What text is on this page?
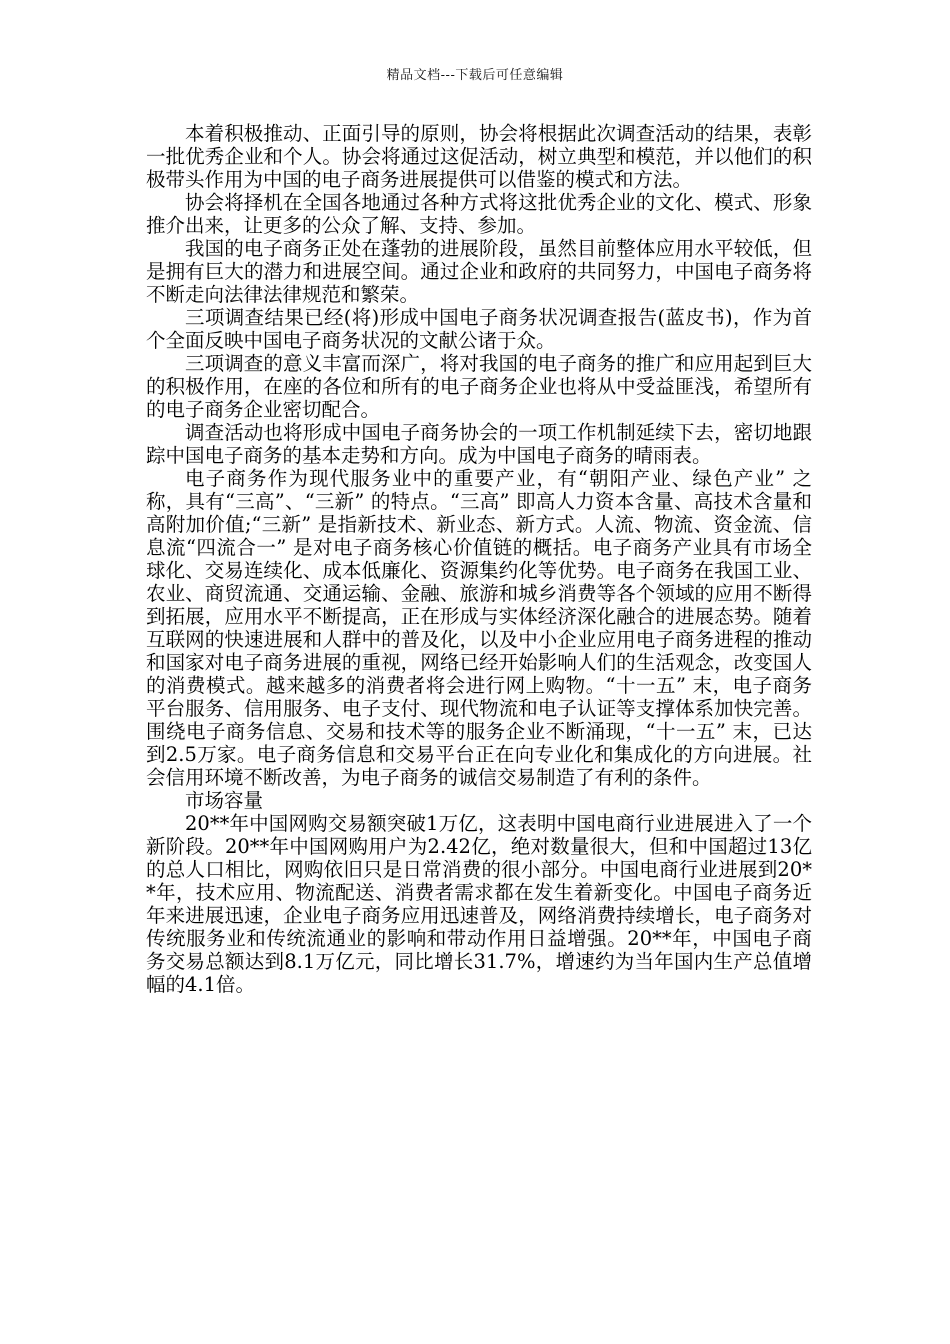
精品文档---下载后可任意编辑

本着积极推动、正面引导的原则，协会将根据此次调查活动的结果，表彰一批优秀企业和个人。协会将通过这促活动，树立典型和模范，并以他们的积极带头作用为中国的电子商务进展提供可以借鉴的模式和方法。

协会将择机在全国各地通过各种方式将这批优秀企业的文化、模式、形象推介出来，让更多的公众了解、支持、参加。

我国的电子商务正处在蓬勃的进展阶段，虽然目前整体应用水平较低，但是拥有巨大的潜力和进展空间。通过企业和政府的共同努力，中国电子商务将不断走向法律法律规范和繁荣。

三项调查结果已经(将)形成中国电子商务状况调查报告(蓝皮书)，作为首个全面反映中国电子商务状况的文献公诸于众。

三项调查的意义丰富而深广，将对我国的电子商务的推广和应用起到巨大的积极作用，在座的各位和所有的电子商务企业也将从中受益匪浅，希望所有的电子商务企业密切配合。

调查活动也将形成中国电子商务协会的一项工作机制延续下去，密切地跟踪中国电子商务的基本走势和方向。成为中国电子商务的晴雨表。

电子商务作为现代服务业中的重要产业，有“朝阳产业、绿色产业” 之称，具有“三高”、“三新” 的特点。“三高” 即高人力资本含量、高技术含量和高附加价值;“三新” 是指新技术、新业态、新方式。人流、物流、资金流、信息流“四流合一” 是对电子商务核心价值链的概括。电子商务产业具有市场全球化、交易连续化、成本低廉化、资源集约化等优势。电子商务在我国工业、农业、商贸流通、交通运输、金融、旅游和城乡消费等各个领域的应用不断得到拓展，应用水平不断提高，正在形成与实体经济深化融合的进展态势。随着互联网的快速进展和人群中的普及化，以及中小企业应用电子商务进程的推动和国家对电子商务进展的重视，网络已经开始影响人们的生活观念，改变国人的消费模式。越来越多的消费者将会进行网上购物。“十一五” 末，电子商务平台服务、信用服务、电子支付、现代物流和电子认证等支撑体系加快完善。围绕电子商务信息、交易和技术等的服务企业不断涌现，“十一五” 末，已达到2.5万家。电子商务信息和交易平台正在向专业化和集成化的方向进展。社会信用环境不断改善，为电子商务的诚信交易制造了有利的条件。

市场容量

20**年中国网购交易额突破1万亿，这表明中国电商行业进展进入了一个新阶段。20**年中国网购用户为2.42亿，绝对数量很大，但和中国超过13亿的总人口相比，网购依旧只是日常消费的很小部分。中国电商行业进展到20**年，技术应用、物流配送、消费者需求都在发生着新变化。中国电子商务近年来进展迅速，企业电子商务应用迅速普及，网络消费持续增长，电子商务对传统服务业和传统流通业的影响和带动作用日益增强。20**年，中国电子商务交易总额达到8.1万亿元，同比增长31.7%，增速约为当年国内生产总值增幅的4.1倍。
